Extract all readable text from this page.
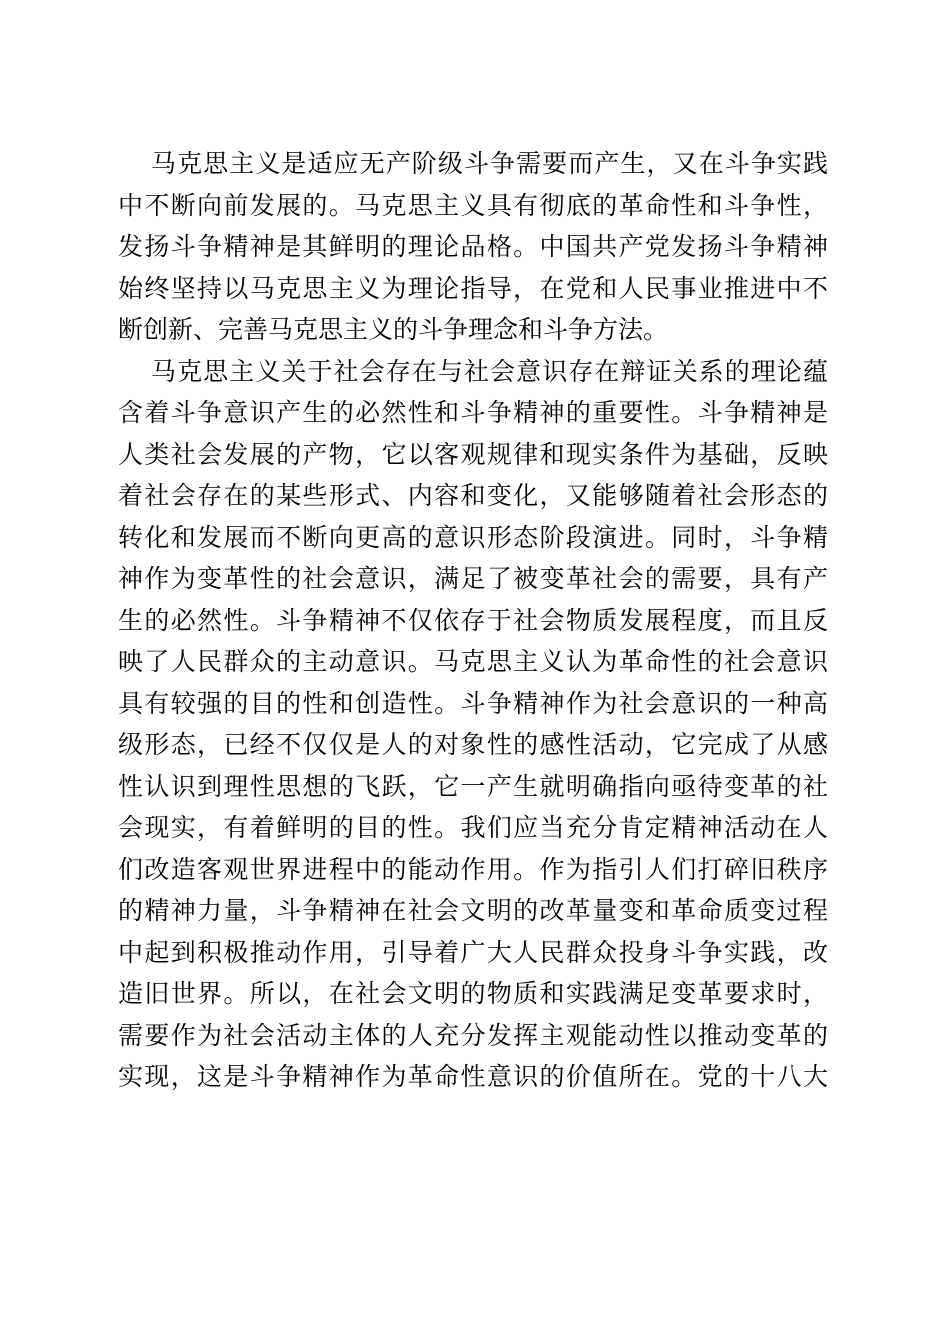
马克思主义是适应无产阶级斗争需要而产生，又在斗争实践
中不断向前发展的。马克思主义具有彻底的革命性和斗争性，
发扬斗争精神是其鲜明的理论品格。中国共产党发扬斗争精神
始终坚持以马克思主义为理论指导，在党和人民事业推进中不
断创新、完善马克思主义的斗争理念和斗争方法。

马克思主义关于社会存在与社会意识存在辩证关系的理论蕴
含着斗争意识产生的必然性和斗争精神的重要性。斗争精神是
人类社会发展的产物，它以客观规律和现实条件为基础，反映
着社会存在的某些形式、内容和变化，又能够随着社会形态的
转化和发展而不断向更高的意识形态阶段演进。同时，斗争精
神作为变革性的社会意识，满足了被变革社会的需要，具有产
生的必然性。斗争精神不仅依存于社会物质发展程度，而且反
映了人民群众的主动意识。马克思主义认为革命性的社会意识
具有较强的目的性和创造性。斗争精神作为社会意识的一种高
级形态，已经不仅仅是人的对象性的感性活动，它完成了从感
性认识到理性思想的飞跃，它一产生就明确指向亟待变革的社
会现实，有着鲜明的目的性。我们应当充分肯定精神活动在人
们改造客观世界进程中的能动作用。作为指引人们打碎旧秩序
的精神力量，斗争精神在社会文明的改革量变和革命质变过程
中起到积极推动作用，引导着广大人民群众投身斗争实践，改
造旧世界。所以，在社会文明的物质和实践满足变革要求时，
需要作为社会活动主体的人充分发挥主观能动性以推动变革的
实现，这是斗争精神作为革命性意识的价值所在。党的十八大
